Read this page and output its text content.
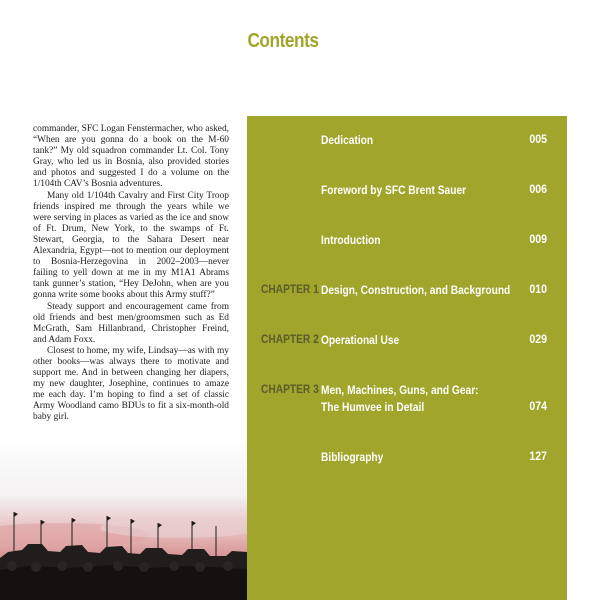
Contents

commander, SFC Logan Fenstermacher, who asked, “When are you gonna do a book on the M-60 tank?” My old squadron commander Lt. Col. Tony Gray, who led us in Bosnia, also provided stories and photos and suggested I do a volume on the 1/104th CAV’s Bosnia adventures.

Many old 1/104th Cavalry and First City Troop friends inspired me through the years while we were serving in places as varied as the ice and snow of Ft. Drum, New York, to the swamps of Ft. Stewart, Georgia, to the Sahara Desert near Alexandria, Egypt—not to mention our deployment to Bosnia-Herzegovina in 2002–2003—never failing to yell down at me in my M1A1 Abrams tank gunner’s station, “Hey DeJohn, when are you gonna write some books about this Army stuff?”

Steady support and encouragement came from old friends and best men/groomsmen such as Ed McGrath, Sam Hillanbrand, Christopher Freind, and Adam Foxx.

Closest to home, my wife, Lindsay—as with my other books—was always there to motivate and support me. And in between changing her diapers, my new daughter, Josephine, continues to amaze me each day. I’m hoping to find a set of classic Army Woodland camo BDUs to fit a six-month-old baby girl.

Dedication	005
Foreword by SFC Brent Sauer	006
Introduction	009
CHAPTER 1 Design, Construction, and Background 010
CHAPTER 2 Operational Use	029
CHAPTER 3 Men, Machines, Guns, and Gear:
The Humvee in Detail	074
Bibliography	127
